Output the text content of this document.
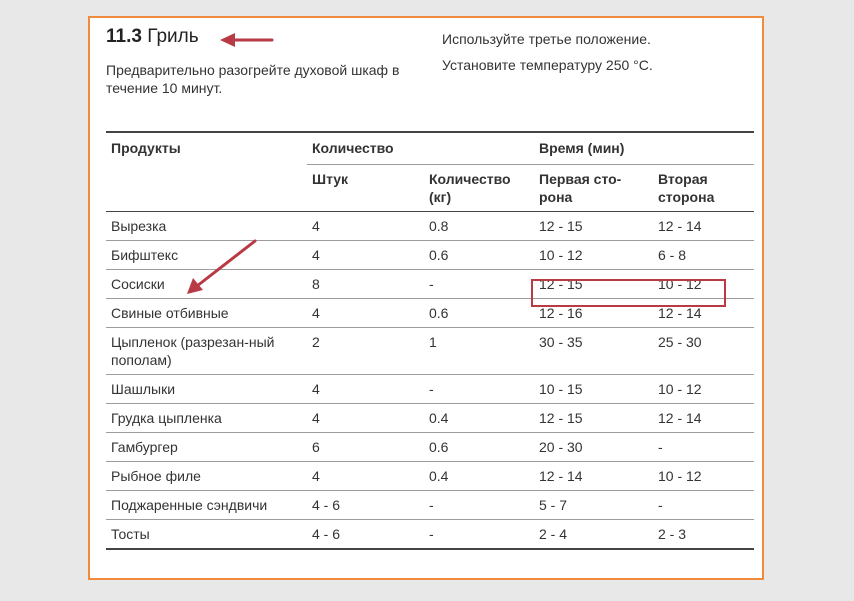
11.3 Гриль
Предварительно разогрейте духовой шкаф в течение 10 минут.
Используйте третье положение.
Установите температуру 250 °C.
Продукты	Количество		Время (мин)	
	Штук	Количество (кг)	Первая сто-рона	Вторая сторона
Вырезка	4	0.8	12 - 15	12 - 14
Бифштекс	4	0.6	10 - 12	6 - 8
Сосиски	8	-	12 - 15	10 - 12
Свиные отбивные	4	0.6	12 - 16	12 - 14
Цыпленок (разрезан-ный пополам)	2	1	30 - 35	25 - 30
Шашлыки	4	-	10 - 15	10 - 12
Грудка цыпленка	4	0.4	12 - 15	12 - 14
Гамбургер	6	0.6	20 - 30	-
Рыбное филе	4	0.4	12 - 14	10 - 12
Поджаренные сэндвичи	4 - 6	-	5 - 7	-
Тосты	4 - 6	-	2 - 4	2 - 3
